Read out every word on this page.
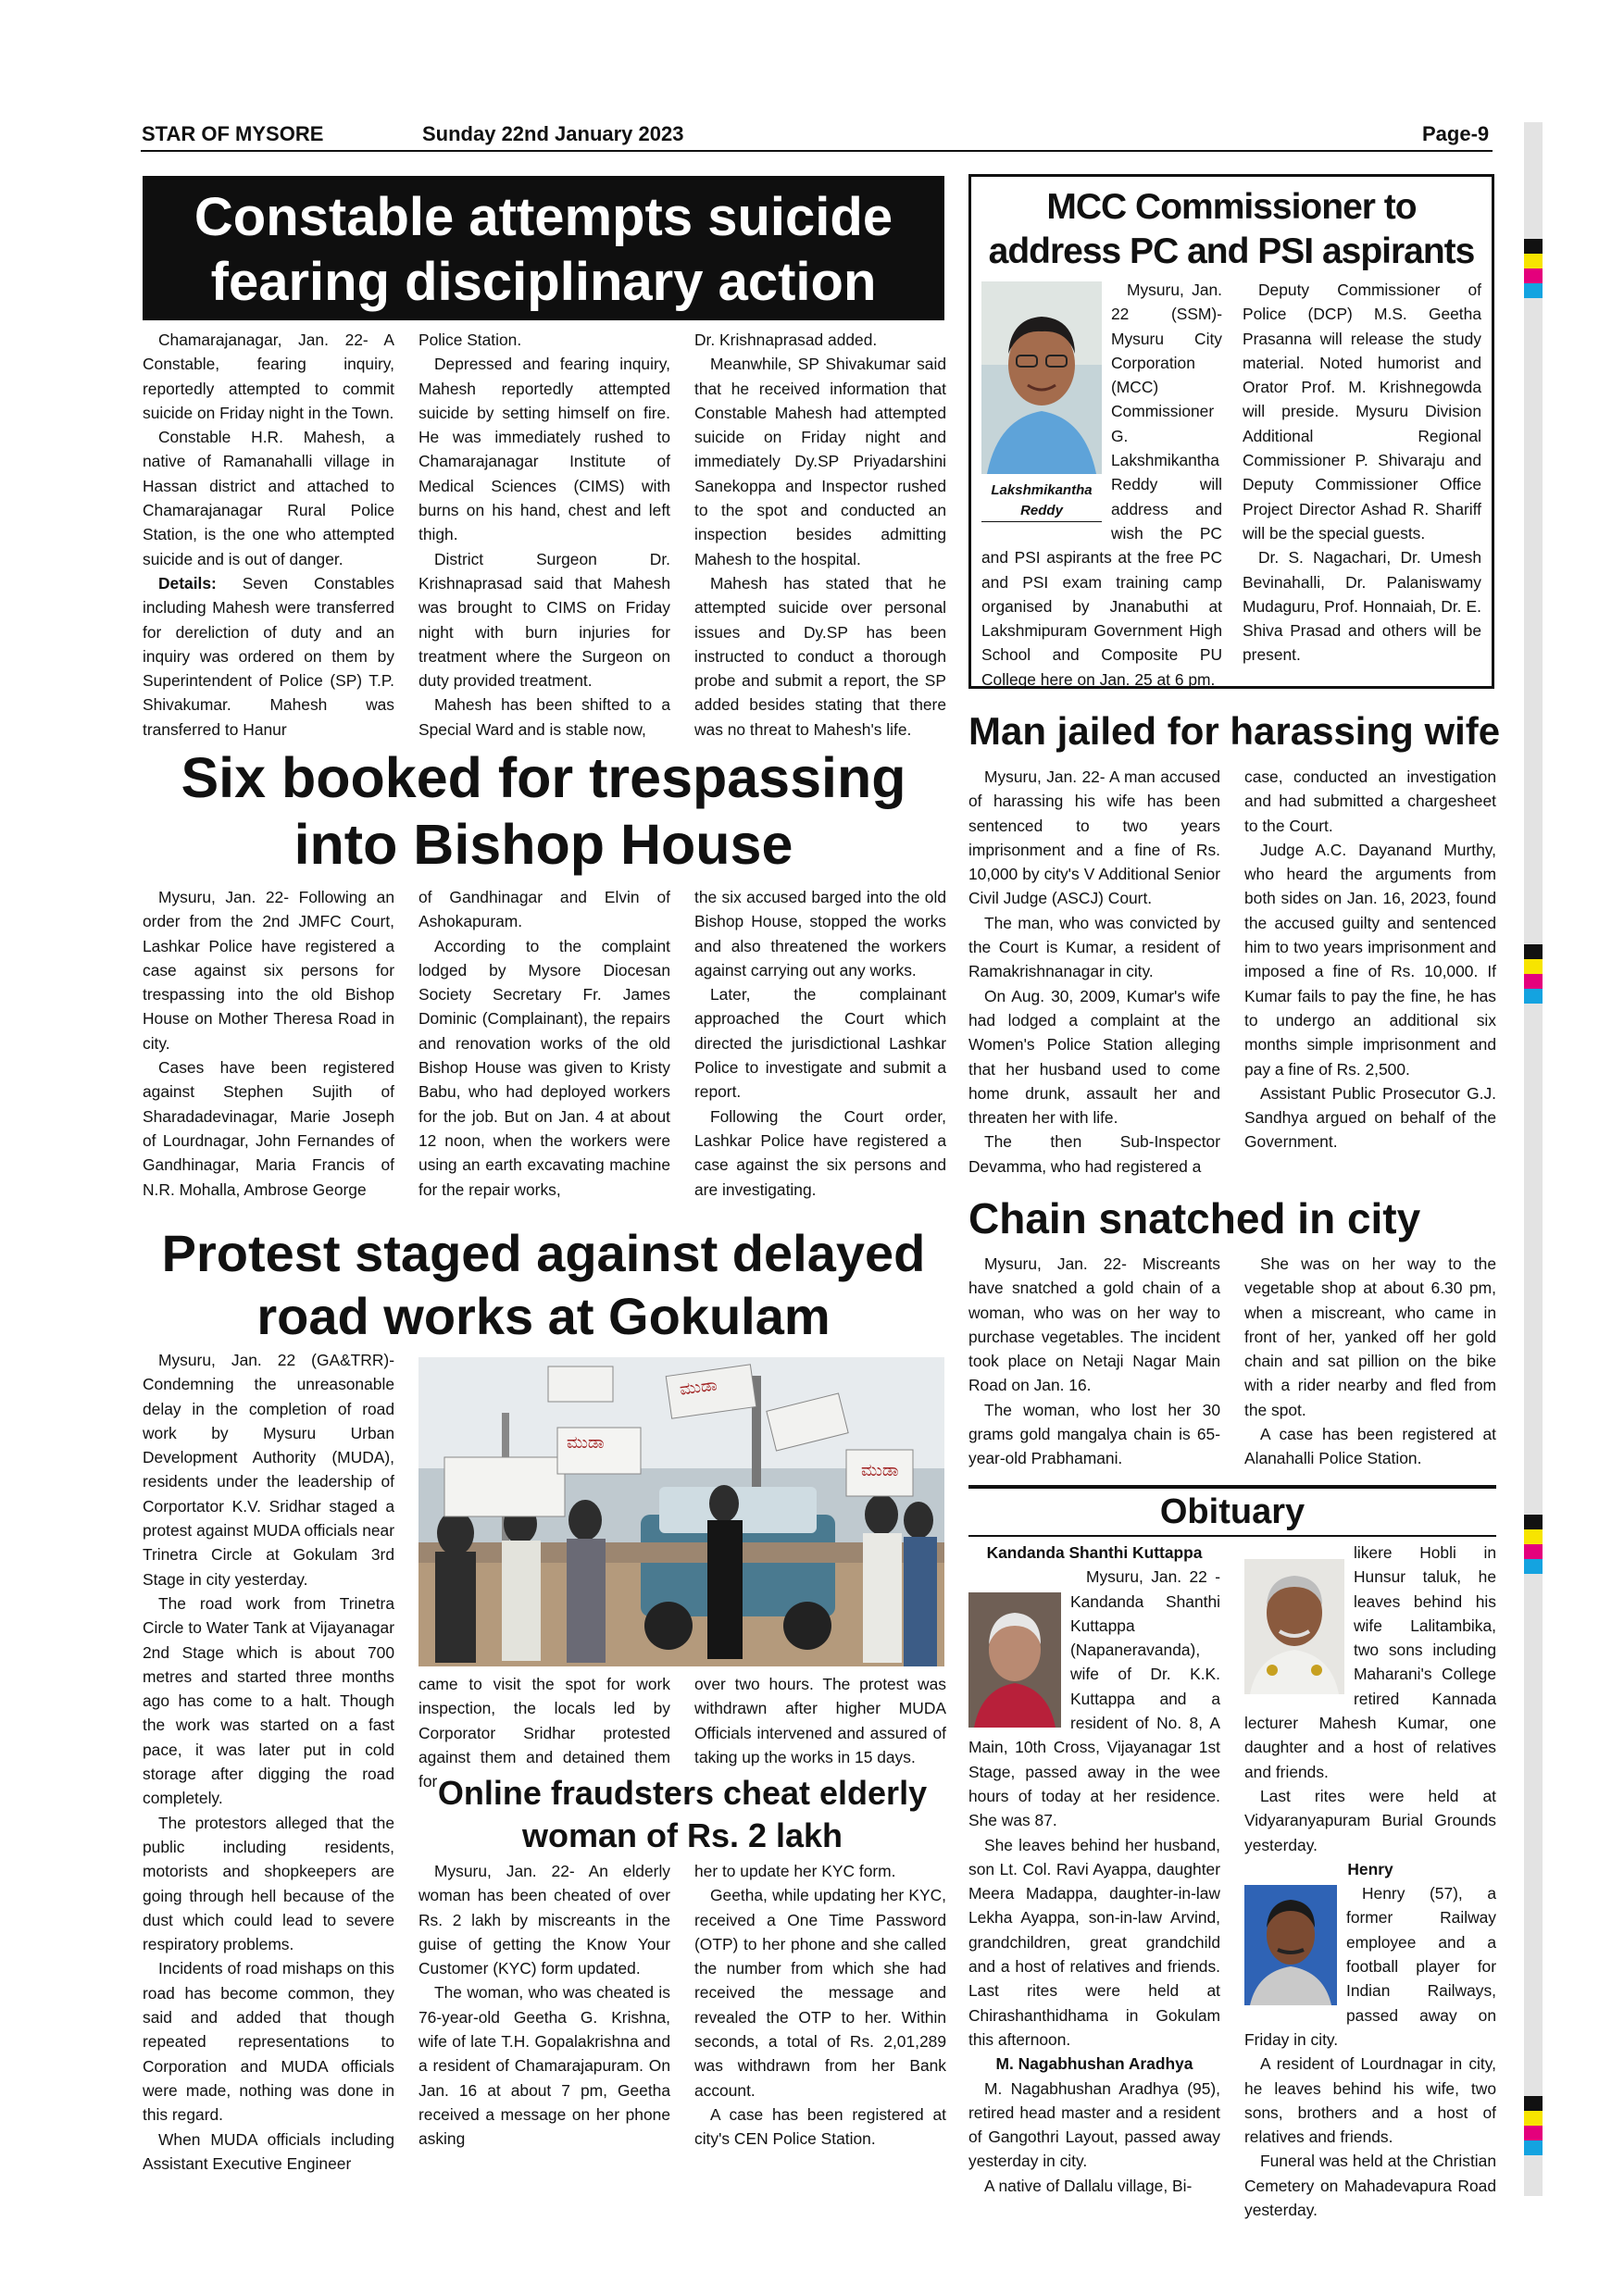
STAR OF MYSORE	Sunday 22nd January 2023	Page-9
Constable attempts suicide fearing disciplinary action

Chamarajanagar, Jan. 22- A Constable, fearing inquiry, reportedly attempted to commit suicide on Friday night in the Town.

Constable H.R. Mahesh, a native of Ramanahalli village in Hassan district and attached to Chamarajanagar Rural Police Station, is the one who attempted suicide and is out of danger.

Details: Seven Constables including Mahesh were transferred for dereliction of duty and an inquiry was ordered on them by Superintendent of Police (SP) T.P. Shivakumar. Mahesh was transferred to Hanur

Police Station.

Depressed and fearing inquiry, Mahesh reportedly attempted suicide by setting himself on fire. He was immediately rushed to Chamarajanagar Institute of Medical Sciences (CIMS) with burns on his hand, chest and left thigh.

District Surgeon Dr. Krishnaprasad said that Mahesh was brought to CIMS on Friday night with burn injuries for treatment where the Surgeon on duty provided treatment.

Mahesh has been shifted to a Special Ward and is stable now,

Dr. Krishnaprasad added.

Meanwhile, SP Shivakumar said that he received information that Constable Mahesh had attempted suicide on Friday night and immediately Dy.SP Priyadarshini Sanekoppa and Inspector rushed to the spot and conducted an inspection besides admitting Mahesh to the hospital.

Mahesh has stated that he attempted suicide over personal issues and Dy.SP has been instructed to conduct a thorough probe and submit a report, the SP added besides stating that there was no threat to Mahesh's life.

MCC Commissioner to address PC and PSI aspirants
Lakshmikantha Reddy

Mysuru, Jan. 22 (SSM)- Mysuru City Corporation (MCC) Commissioner G. Lakshmikantha Reddy will address and wish the PC and PSI aspirants at the free PC and PSI exam training camp organised by Jnanabuthi at Lakshmipuram Government High School and Composite PU College here on Jan. 25 at 6 pm.

Deputy Commissioner of Police (DCP) M.S. Geetha Prasanna will release the study material. Noted humorist and Orator Prof. M. Krishnegowda will preside. Mysuru Division Additional Regional Commissioner P. Shivaraju and Deputy Commissioner Office Project Director Ashad R. Shariff will be the special guests.

Dr. S. Nagachari, Dr. Umesh Bevinahalli, Dr. Palaniswamy Mudaguru, Prof. Honnaiah, Dr. E. Shiva Prasad and others will be present.

Man jailed for harassing wife

Mysuru, Jan. 22- A man accused of harassing his wife has been sentenced to two years imprisonment and a fine of Rs. 10,000 by city's V Additional Senior Civil Judge (ASCJ) Court.

The man, who was convicted by the Court is Kumar, a resident of Ramakrishnanagar in city.

On Aug. 30, 2009, Kumar's wife had lodged a complaint at the Women's Police Station alleging that her husband used to come home drunk, assault her and threaten her with life.

The then Sub-Inspector Devamma, who had registered a

case, conducted an investigation and had submitted a chargesheet to the Court.

Judge A.C. Dayanand Murthy, who heard the arguments from both sides on Jan. 16, 2023, found the accused guilty and sentenced him to two years imprisonment and imposed a fine of Rs. 10,000. If Kumar fails to pay the fine, he has to undergo an additional six months simple imprisonment and pay a fine of Rs. 2,500.

Assistant Public Prosecutor G.J. Sandhya argued on behalf of the Government.

Six booked for trespassing into Bishop House

Mysuru, Jan. 22- Following an order from the 2nd JMFC Court, Lashkar Police have registered a case against six persons for trespassing into the old Bishop House on Mother Theresa Road in city.

Cases have been registered against Stephen Sujith of Sharadadevinagar, Marie Joseph of Lourdnagar, John Fernandes of Gandhinagar, Maria Francis of N.R. Mohalla, Ambrose George

of Gandhinagar and Elvin of Ashokapuram.

According to the complaint lodged by Mysore Diocesan Society Secretary Fr. James Dominic (Complainant), the repairs and renovation works of the old Bishop House was given to Kristy Babu, who had deployed workers for the job. But on Jan. 4 at about 12 noon, when the workers were using an earth excavating machine for the repair works,

the six accused barged into the old Bishop House, stopped the works and also threatened the workers against carrying out any works.

Later, the complainant approached the Court which directed the jurisdictional Lashkar Police to investigate and submit a report.

Following the Court order, Lashkar Police have registered a case against the six persons and are investigating.

Chain snatched in city

Mysuru, Jan. 22- Miscreants have snatched a gold chain of a woman, who was on her way to purchase vegetables. The incident took place on Netaji Nagar Main Road on Jan. 16.

The woman, who lost her 30 grams gold mangalya chain is 65-year-old Prabhamani.

She was on her way to the vegetable shop at about 6.30 pm, when a miscreant, who came in front of her, yanked off her gold chain and sat pillion on the bike with a rider nearby and fled from the spot.

A case has been registered at Alanahalli Police Station.

Protest staged against delayed road works at Gokulam

Mysuru, Jan. 22 (GA&TRR)- Condemning the unreasonable delay in the completion of road work by Mysuru Urban Development Authority (MUDA), residents under the leadership of Corportator K.V. Sridhar staged a protest against MUDA officials near Trinetra Circle at Gokulam 3rd Stage in city yesterday.

The road work from Trinetra Circle to Water Tank at Vijayanagar 2nd Stage which is about 700 metres and started three months ago has come to a halt. Though the work was started on a fast pace, it was later put in cold storage after digging the road completely.

The protestors alleged that the public including residents, motorists and shopkeepers are going through hell because of the dust which could lead to severe respiratory problems.

Incidents of road mishaps on this road has become common, they said and added that though repeated representations to Corporation and MUDA officials were made, nothing was done in this regard.

When MUDA officials including Assistant Executive Engineer

ಮುಡಾ
ಮುಡಾ
ಮುಡಾ

came to visit the spot for work inspection, the locals led by Corporator Sridhar protested against them and detained them for

over two hours. The protest was withdrawn after higher MUDA Officials intervened and assured of taking up the works in 15 days.

Online fraudsters cheat elderly woman of Rs. 2 lakh

Mysuru, Jan. 22- An elderly woman has been cheated of over Rs. 2 lakh by miscreants in the guise of getting the Know Your Customer (KYC) form updated.

The woman, who was cheated is 76-year-old Geetha G. Krishna, wife of late T.H. Gopalakrishna and a resident of Chamarajapuram. On Jan. 16 at about 7 pm, Geetha received a message on her phone asking

her to update her KYC form.

Geetha, while updating her KYC, received a One Time Password (OTP) to her phone and she called the number from which she had received the message and revealed the OTP to her. Within seconds, a total of Rs. 2,01,289 was withdrawn from her Bank account.

A case has been registered at city's CEN Police Station.

Obituary

Kandanda Shanthi Kuttappa

Mysuru, Jan. 22 - Kandanda Shanthi Kuttappa (Napaneravanda), wife of Dr. K.K. Kuttappa and a resident of No. 8, A Main, 10th Cross, Vijayanagar 1st Stage, passed away in the wee hours of today at her residence. She was 87.

She leaves behind her husband, son Lt. Col. Ravi Ayappa, daughter Meera Madappa, daughter-in-law Lekha Ayappa, son-in-law Arvind, grandchildren, great grandchild and a host of relatives and friends. Last rites were held at Chirashanthidhama in Gokulam this afternoon.

M. Nagabhushan Aradhya

M. Nagabhushan Aradhya (95), retired head master and a resident of Gangothri Layout, passed away yesterday in city.

A native of Dallalu village, Bi-

likere Hobli in Hunsur taluk, he leaves behind his wife Lalitambika, two sons including Maharani's College retired Kannada lecturer Mahesh Kumar, one daughter and a host of relatives and friends.

Last rites were held at Vidyaranyapuram Burial Grounds yesterday.

Henry

Henry (57), a former Railway employee and a football player for Indian Railways, passed away on Friday in city.

A resident of Lourdnagar in city, he leaves behind his wife, two sons, brothers and a host of relatives and friends.

Funeral was held at the Christian Cemetery on Mahadevapura Road yesterday.
